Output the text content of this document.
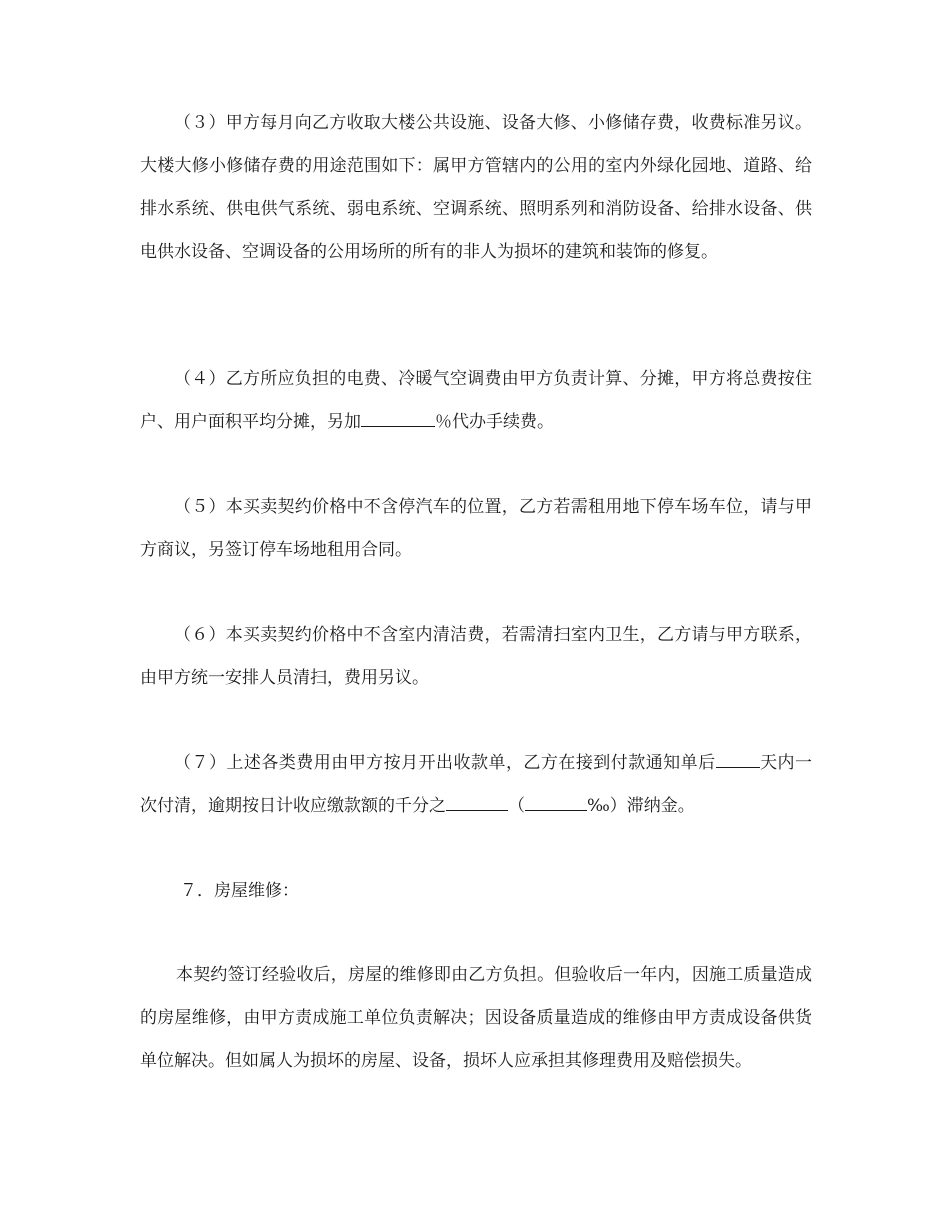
（３）甲方每月向乙方收取大楼公共设施、设备大修、小修储存费，收费标准另议。大楼大修小修储存费的用途范围如下：属甲方管辖内的公用的室内外绿化园地、道路、给排水系统、供电供气系统、弱电系统、空调系统、照明系列和消防设备、给排水设备、供电供水设备、空调设备的公用场所的所有的非人为损坏的建筑和装饰的修复。

（４）乙方所应负担的电费、冷暖气空调费由甲方负责计算、分摊，甲方将总费按住户、用户面积平均分摊，另加	％代办手续费。

（５）本买卖契约价格中不含停汽车的位置，乙方若需租用地下停车场车位，请与甲方商议，另签订停车场地租用合同。

（６）本买卖契约价格中不含室内清洁费，若需清扫室内卫生，乙方请与甲方联系，由甲方统一安排人员清扫，费用另议。

（７）上述各类费用由甲方按月开出收款单，乙方在接到付款通知单后	天内一次付清，逾期按日计收应缴款额的千分之	（	‰）滞纳金。

７．房屋维修：

本契约签订经验收后，房屋的维修即由乙方负担。但验收后一年内，因施工质量造成的房屋维修，由甲方责成施工单位负责解决；因设备质量造成的维修由甲方责成设备供货单位解决。但如属人为损坏的房屋、设备，损坏人应承担其修理费用及赔偿损失。
